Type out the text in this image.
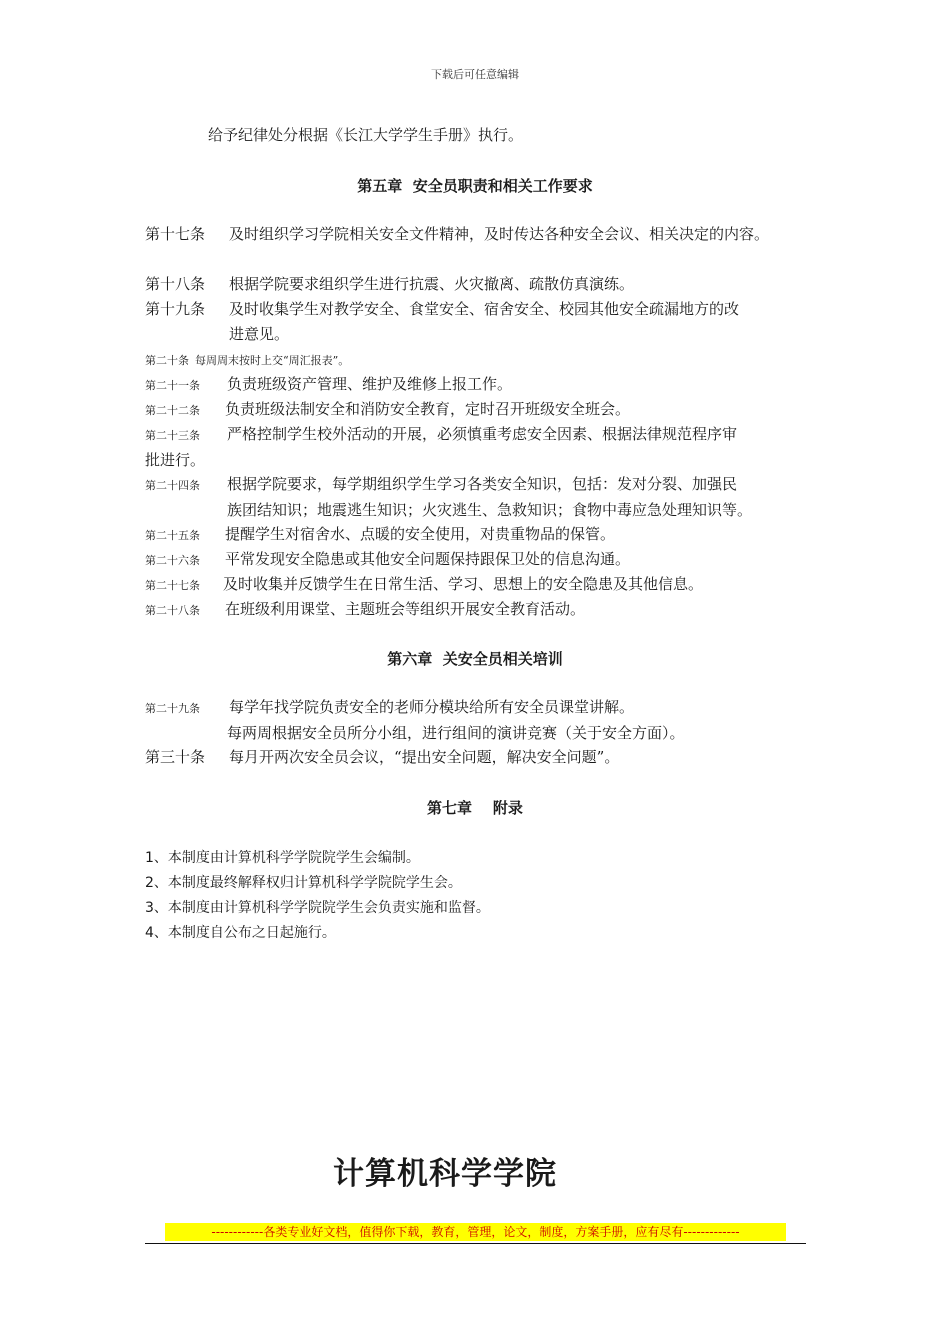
下载后可任意编辑
给予纪律处分根据《长江大学学生手册》执行。
第五章  安全员职责和相关工作要求
第十七条 及时组织学习学院相关安全文件精神，及时传达各种安全会议、相关决定的内容。
第十八条 根据学院要求组织学生进行抗震、火灾撤离、疏散仿真演练。
第十九条 及时收集学生对教学安全、食堂安全、宿舍安全、校园其他安全疏漏地方的改
进意见。
第二十条 每周周末按时上交“周汇报表”。
第二十一条 负责班级资产管理、维护及维修上报工作。
第二十二条 负责班级法制安全和消防安全教育，定时召开班级安全班会。
第二十三条 严格控制学生校外活动的开展，必须慎重考虑安全因素、根据法律规范程序审
批进行。
第二十四条 根据学院要求，每学期组织学生学习各类安全知识，包括：发对分裂、加强民
族团结知识；地震逃生知识；火灾逃生、急救知识；食物中毒应急处理知识等。
第二十五条 提醒学生对宿舍水、点暖的安全使用，对贵重物品的保管。
第二十六条 平常发现安全隐患或其他安全问题保持跟保卫处的信息沟通。
第二十七条 及时收集并反馈学生在日常生活、学习、思想上的安全隐患及其他信息。
第二十八条 在班级利用课堂、主题班会等组织开展安全教育活动。
第六章  关安全员相关培训
第二十九条 每学年找学院负责安全的老师分模块给所有安全员课堂讲解。
每两周根据安全员所分小组，进行组间的演讲竞赛（关于安全方面）。
第三十条 每月开两次安全员会议，“提出安全问题，解决安全问题”。
第七章    附录
1、本制度由计算机科学学院院学生会编制。
2、本制度最终解释权归计算机科学学院院学生会。
3、本制度由计算机科学学院院学生会负责实施和监督。
4、本制度自公布之日起施行。
计算机科学学院
------------各类专业好文档，值得你下载，教育，管理，论文，制度，方案手册，应有尽有-------------
